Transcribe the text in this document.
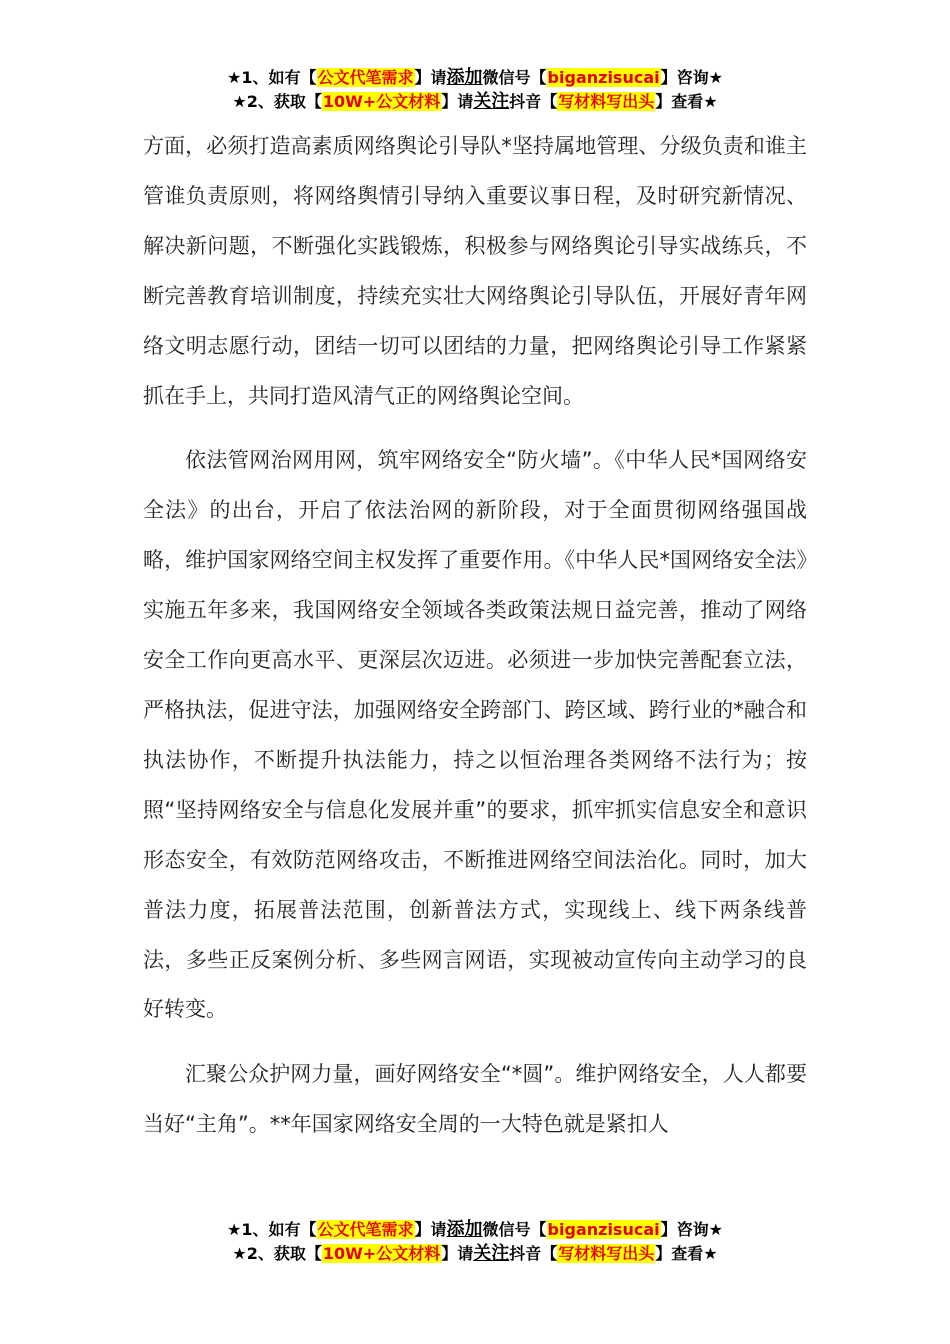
★1、如有【公文代笔需求】请添加微信号【biganzisucai】咨询★
★2、获取【10W+公文材料】请关注抖音【写材料写出头】查看★

方面，必须打造高素质网络舆论引导队*坚持属地管理、分级负责和谁主管谁负责原则，将网络舆情引导纳入重要议事日程，及时研究新情况、解决新问题，不断强化实践锻炼，积极参与网络舆论引导实战练兵，不断完善教育培训制度，持续充实壮大网络舆论引导队伍，开展好青年网络文明志愿行动，团结一切可以团结的力量，把网络舆论引导工作紧紧抓在手上，共同打造风清气正的网络舆论空间。

依法管网治网用网，筑牢网络安全“防火墙”。《中华人民*国网络安全法》的出台，开启了依法治网的新阶段，对于全面贯彻网络强国战略，维护国家网络空间主权发挥了重要作用。《中华人民*国网络安全法》实施五年多来，我国网络安全领域各类政策法规日益完善，推动了网络安全工作向更高水平、更深层次迈进。必须进一步加快完善配套立法，严格执法，促进守法，加强网络安全跨部门、跨区域、跨行业的*融合和执法协作，不断提升执法能力，持之以恒治理各类网络不法行为；按照“坚持网络安全与信息化发展并重”的要求，抓牢抓实信息安全和意识形态安全，有效防范网络攻击，不断推进网络空间法治化。同时，加大普法力度，拓展普法范围，创新普法方式，实现线上、线下两条线普法，多些正反案例分析、多些网言网语，实现被动宣传向主动学习的良好转变。

汇聚公众护网力量，画好网络安全“*圆”。维护网络安全，人人都要当好“主角”。**年国家网络安全周的一大特色就是紧扣人

★1、如有【公文代笔需求】请添加微信号【biganzisucai】咨询★
★2、获取【10W+公文材料】请关注抖音【写材料写出头】查看★
